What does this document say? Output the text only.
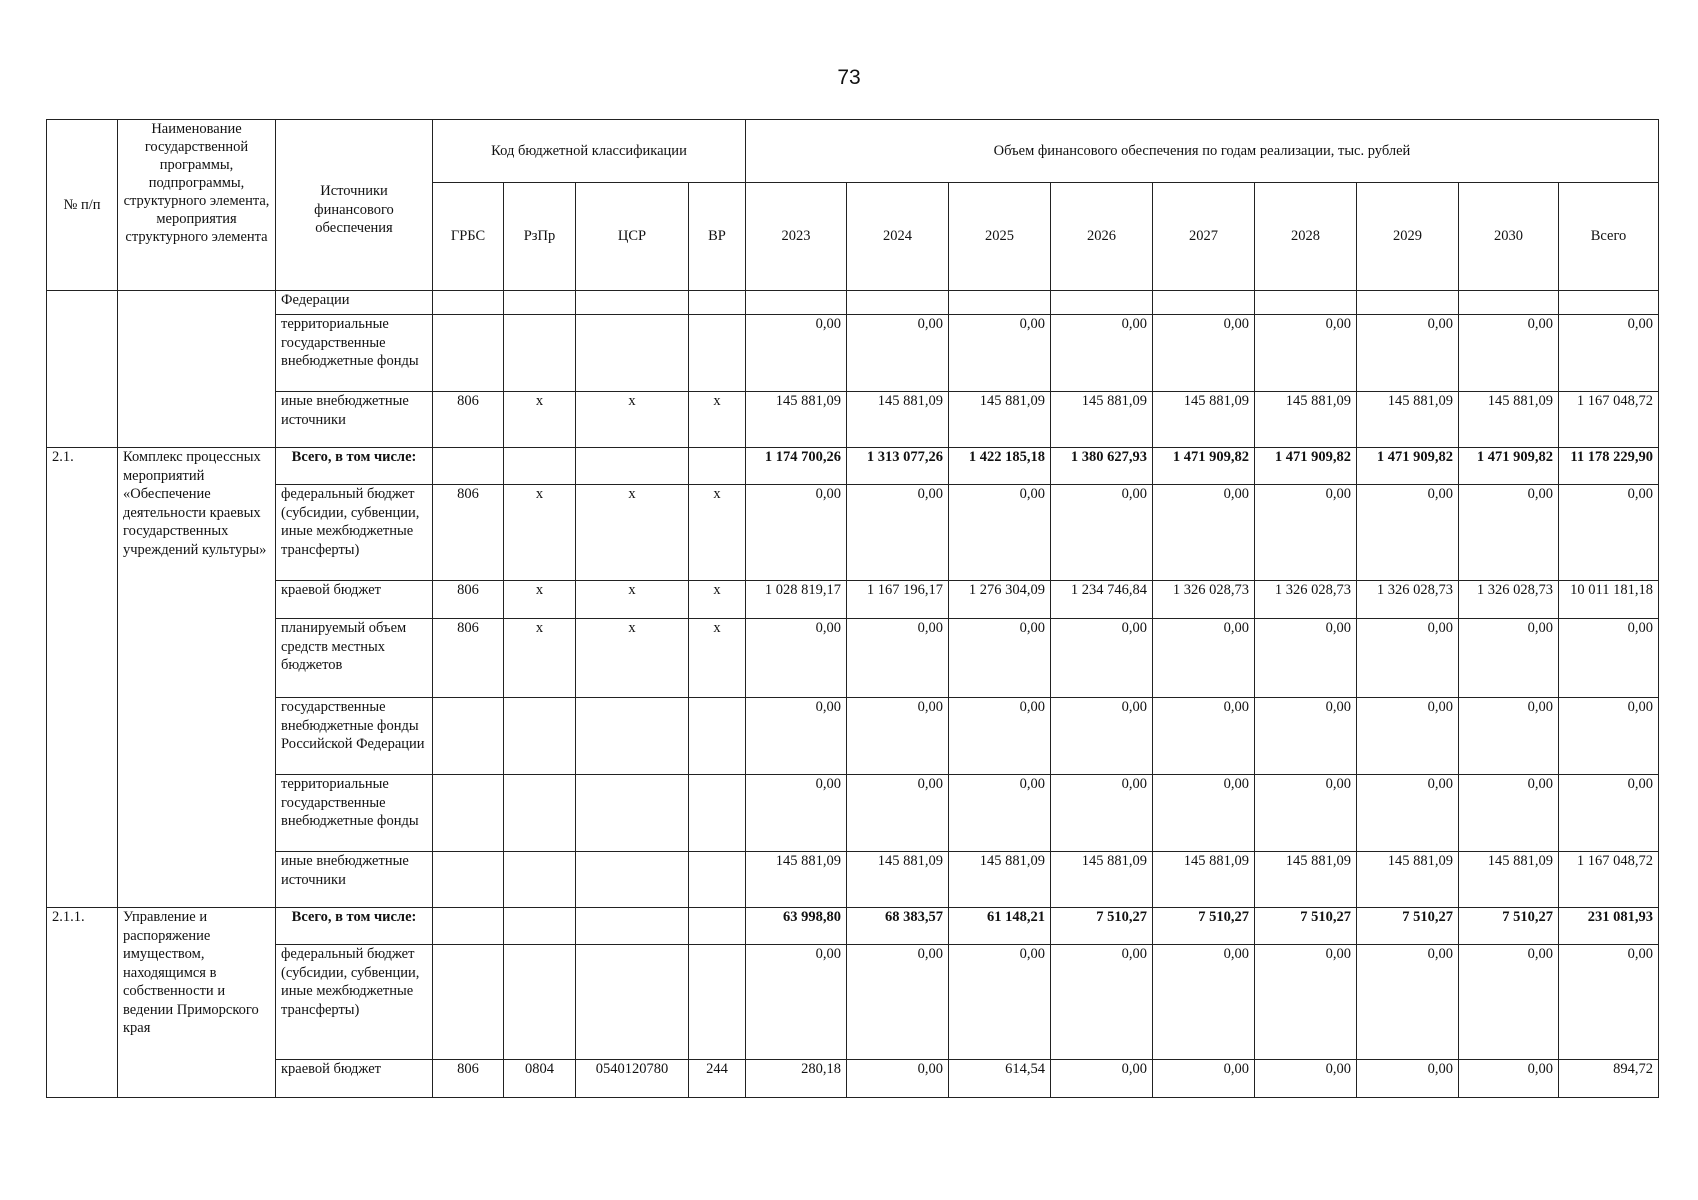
73
№ п/п	Наименование государственной программы, подпрограммы, структурного элемента, мероприятия структурного элемента	Источники финансового обеспечения	Код бюджетной классификации				Объем финансового обеспечения по годам реализации, тыс. рублей								
			ГРБС	РзПр	ЦСР	ВР	2023	2024	2025	2026	2027	2028	2029	2030	Всего
		Федерации													
		территориальные государственные внебюджетные фонды					0,00	0,00	0,00	0,00	0,00	0,00	0,00	0,00	0,00
		иные внебюджетные источники	806	х	х	х	145 881,09	145 881,09	145 881,09	145 881,09	145 881,09	145 881,09	145 881,09	145 881,09	1 167 048,72
2.1.	Комплекс процессных мероприятий «Обеспечение деятельности краевых государственных учреждений культуры»	Всего, в том числе:					1 174 700,26	1 313 077,26	1 422 185,18	1 380 627,93	1 471 909,82	1 471 909,82	1 471 909,82	1 471 909,82	11 178 229,90
		федеральный бюджет (субсидии, субвенции, иные межбюджетные трансферты)	806	х	х	х	0,00	0,00	0,00	0,00	0,00	0,00	0,00	0,00	0,00
		краевой бюджет	806	х	х	х	1 028 819,17	1 167 196,17	1 276 304,09	1 234 746,84	1 326 028,73	1 326 028,73	1 326 028,73	1 326 028,73	10 011 181,18
		планируемый объем средств местных бюджетов	806	х	х	х	0,00	0,00	0,00	0,00	0,00	0,00	0,00	0,00	0,00
		государственные внебюджетные фонды Российской Федерации					0,00	0,00	0,00	0,00	0,00	0,00	0,00	0,00	0,00
		территориальные государственные внебюджетные фонды					0,00	0,00	0,00	0,00	0,00	0,00	0,00	0,00	0,00
		иные внебюджетные источники					145 881,09	145 881,09	145 881,09	145 881,09	145 881,09	145 881,09	145 881,09	145 881,09	1 167 048,72
2.1.1.	Управление и распоряжение имуществом, находящимся в собственности и ведении Приморского края	Всего, в том числе:					63 998,80	68 383,57	61 148,21	7 510,27	7 510,27	7 510,27	7 510,27	7 510,27	231 081,93
		федеральный бюджет (субсидии, субвенции, иные межбюджетные трансферты)					0,00	0,00	0,00	0,00	0,00	0,00	0,00	0,00	0,00
		краевой бюджет	806	0804	0540120780	244	280,18	0,00	614,54	0,00	0,00	0,00	0,00	0,00	894,72
